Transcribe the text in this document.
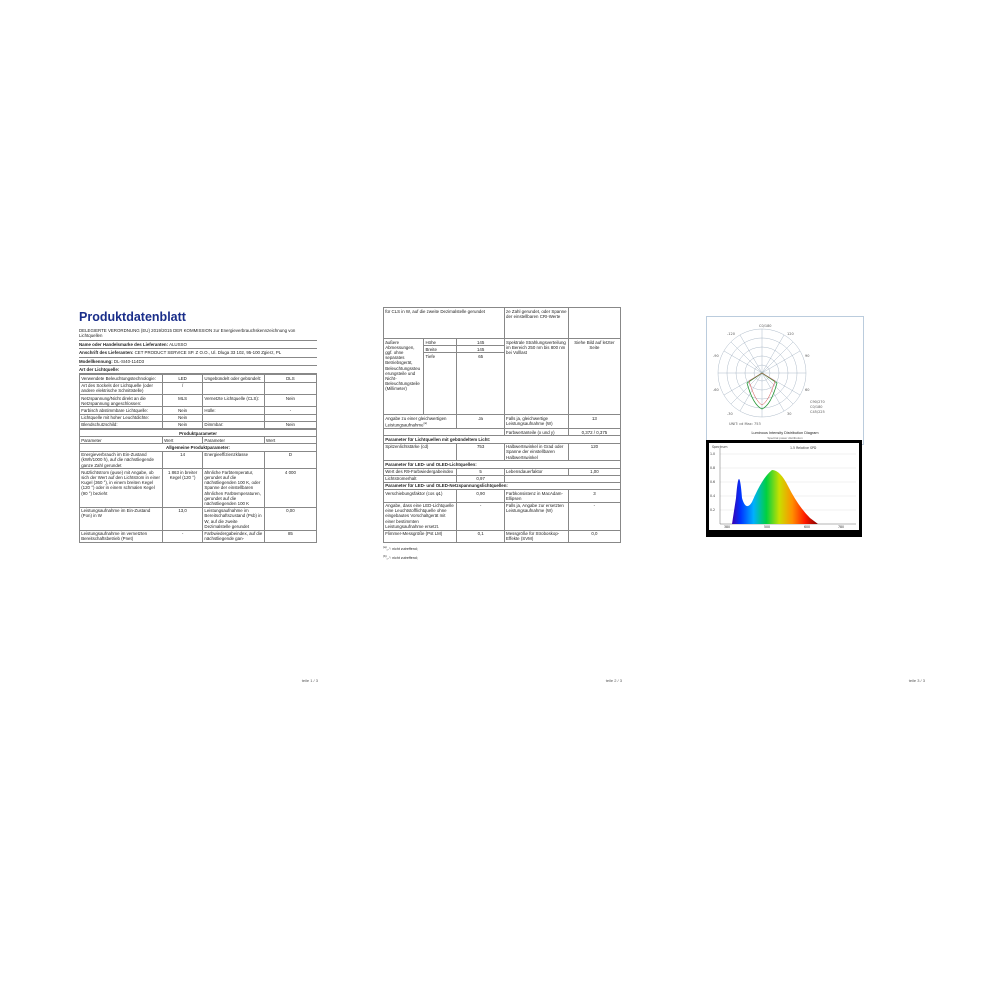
Produktdatenblatt
DELEGIERTE VERORDNUNG (EU) 2019/2015 DER KOMMISSION zur Energieverbrauchskennzeichnung von Lichtquellen
Name oder Handelsmarke des Lieferanten: ALUSSO
Anschrift des Lieferanten: CET PRODUCT SERVICE SP. Z O.O., Ul. Dluga 33 102, 95-100 Zgierz, PL
Modellkennung: DL-SI40-114D3
Art der Lichtquelle:
Verwendete Beleuchtungstechnologie:	LED	Ungebündelt oder gebündelt:	DLS
Art des Sockels der Lichtquelle (oder andere elektrische Schnittstelle)	/		
Netzspannung/Nicht direkt an die Netzspannung angeschlossen:	MLS	Vernetzte Lichtquelle (CLS):	Nein
Farbisch abstimmbare Lichtquelle:	Nein	Hülle:	-
Lichtquelle mit hoher Leuchtdichte:	Nein		
Blendschutzschild:	Nein	Dimmbar:	Nein
Produktparameter			
Parameter	Wert	Parameter	Wert
Allgemeine Produktparameter:			
Energieverbrauch im Ein-Zustand (kWh/1000 h), auf die nächstliegende ganze Zahl gerundet	14	Energieeffizienzklasse	D
Nutzlichtstrom (φuse) mit Angabe, ob sich der Wert auf den Lichtstrom in einer Kugel (360 °), in einem breiten Kegel (120 °) oder in einem schmalen Kegel (90 °) bezieht	1 863 in breiter Kegel (120 °)	ähnliche Farbtemperatur, gerundet auf die nächstliegenden 100 K, oder Spanne der einstellbaren ähnlichen Farbtemperaturen, gerundet auf die nächstliegenden 100 K	4 000
Leistungsaufnahme im Ein-Zustand (Pon) in W	13,0	Leistungsaufnahme im Bereitschaftszustand (Psb) in W, auf die zweite Dezimalstelle gerundet	0,00
Leistungsaufnahme im vernetzten Bereitschaftsbetrieb (Pnet)	-	Farbwiedergabeindex, auf die nächstliegende gan-	85
teile 1 / 3
für CLS in W, auf die zweite Dezimalstelle gerundet			ze Zahl gerundet, oder Spanne der einstellbaren CRI-Werte	
äußere Abmessungen, ggf. ohne separates Betriebsgerät, Beleuchtungssteuerungsteile und Nicht-Beleuchtungsteile (Millimeter)	Höhe	145	Spektrale Strahlungsverteilung im Bereich 250 nm bis 800 nm bei Volllast	Siehe Bild auf letzter Seite
	Breite	145		
	Tiefe	65		
Angabe zu einer gleichwertigen Leistungsaufnahme$^{(a)}$		Ja	Falls ja, gleichwertige Leistungsaufnahme (W)	13
			Farbwertanteile (x und y)	0,372 / 0,375
Parameter für Lichtquellen mit gebündeltem Licht:				
Spitzenlichtstärke (cd)		753	Halbwertswinkel in Grad oder Spanne der einstellbaren Halbwertswinkel	120
Parameter für LED- und OLED-Lichtquellen:				
Wert des R9-Farbwiedergabeindex		5	Lebensdauerfaktor	1,00
Lichtstromerhalt		0,97		
Parameter für LED- und OLED-Netzspannungslichtquellen:				
Verschiebungsfaktor (cos φ1)		0,90	Farbkonsistenz in MacAdam-Ellipsen	3
Angabe, dass eine LED-Lichtquelle eine Leuchtstofflichtquelle ohne eingebautes Vorschaltgerät mit einer bestimmten Leistungsaufnahme ersetzt.		-	Falls ja, Angabe zur ersetzten Leistungsaufnahme (W)	-
Flimmer-Messgröße (Pst LM)		0,1	Messgröße für Stroboskop-Effekte (SVM)	0,0
$^{(a)}$„-“: nicht zutreffend;
$^{(b)}$„-“: nicht zutreffend;
teile 2 / 3
C0/180
-120	120
-90	90
-60	60
-30	30
C90/270
C0/180
C45/225
UNIT: cd Max: 753
Luminous Intensity Distribution Diagram
Spectral power distribution
1.0
0.8
0.6
0.4
0.2
Spectrum	1.5 Relative SPD
380	500	600	780
teile 3 / 3
